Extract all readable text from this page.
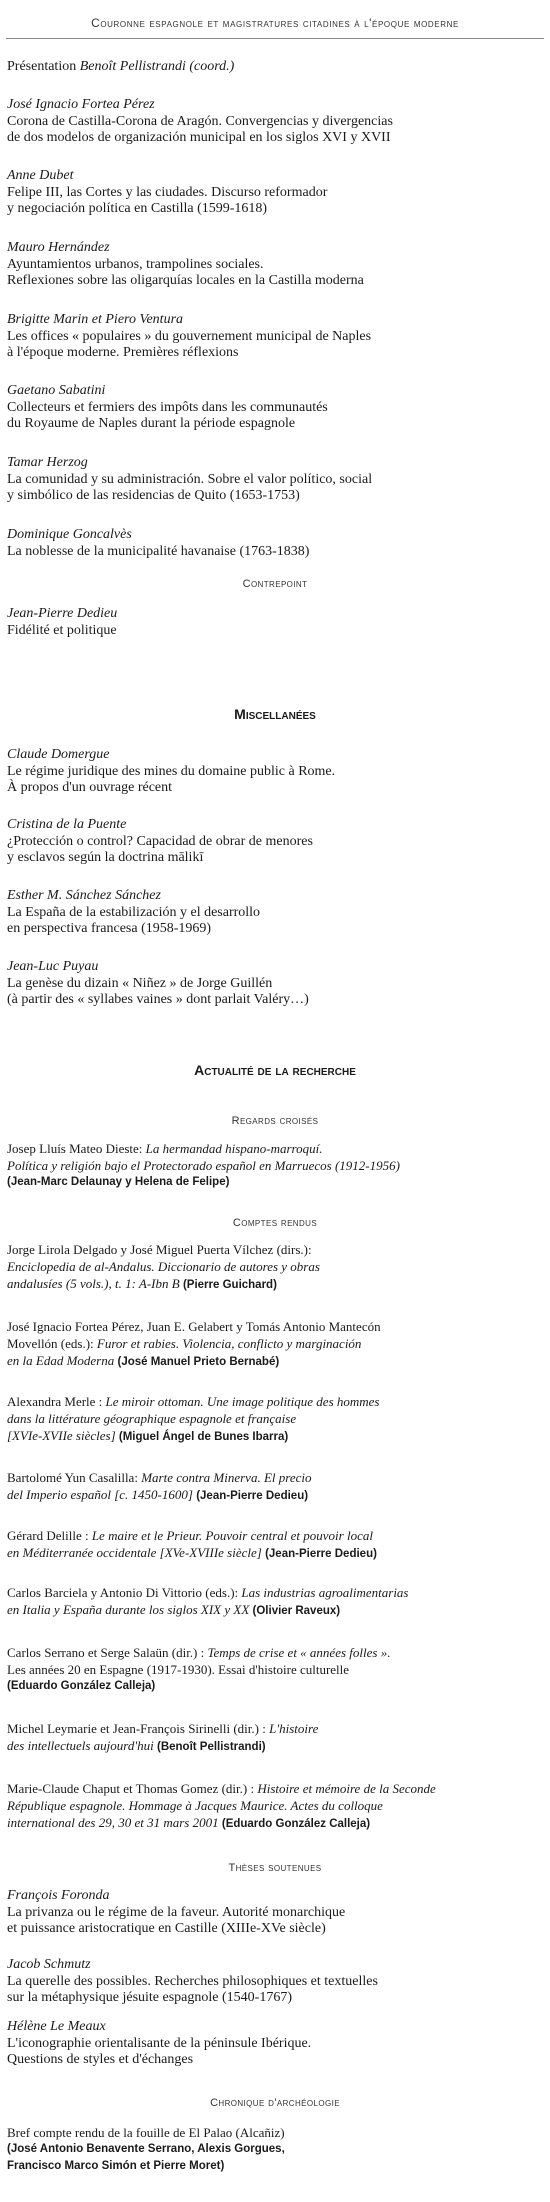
Couronne espagnole et magistratures citadines à l'époque moderne
Présentation Benoît Pellistrandi (coord.)
José Ignacio Fortea Pérez
Corona de Castilla-Corona de Aragón. Convergencias y divergencias
de dos modelos de organización municipal en los siglos XVI y XVII
Anne Dubet
Felipe III, las Cortes y las ciudades. Discurso reformador
y negociación política en Castilla (1599-1618)
Mauro Hernández
Ayuntamientos urbanos, trampolines sociales.
Reflexiones sobre las oligarquías locales en la Castilla moderna
Brigitte Marin et Piero Ventura
Les offices « populaires » du gouvernement municipal de Naples
à l'époque moderne. Premières réflexions
Gaetano Sabatini
Collecteurs et fermiers des impôts dans les communautés
du Royaume de Naples durant la période espagnole
Tamar Herzog
La comunidad y su administración. Sobre el valor político, social
y simbólico de las residencias de Quito (1653-1753)
Dominique Goncalvès
La noblesse de la municipalité havanaise (1763-1838)
Contrepoint
Jean-Pierre Dedieu
Fidélité et politique
Miscellanées
Claude Domergue
Le régime juridique des mines du domaine public à Rome.
À propos d'un ouvrage récent
Cristina de la Puente
¿Protección o control? Capacidad de obrar de menores
y esclavos según la doctrina mālikī
Esther M. Sánchez Sánchez
La España de la estabilización y el desarrollo
en perspectiva francesa (1958-1969)
Jean-Luc Puyau
La genèse du dizain « Niñez » de Jorge Guillén
(à partir des « syllabes vaines » dont parlait Valéry…)
Actualité de la recherche
Regards croisés
Josep Lluís Mateo Dieste: La hermandad hispano-marroquí.
Política y religión bajo el Protectorado español en Marruecos (1912-1956)
(Jean-Marc Delaunay y Helena de Felipe)
Comptes rendus
Jorge Lirola Delgado y José Miguel Puerta Vílchez (dirs.):
Enciclopedia de al-Andalus. Diccionario de autores y obras
andalusíes (5 vols.), t. 1: A-Ibn B (Pierre Guichard)
José Ignacio Fortea Pérez, Juan E. Gelabert y Tomás Antonio Mantecón
Movellón (eds.): Furor et rabies. Violencia, conflicto y marginación
en la Edad Moderna (José Manuel Prieto Bernabé)
Alexandra Merle : Le miroir ottoman. Une image politique des hommes
dans la littérature géographique espagnole et française
[XVIe-XVIIe siècles] (Miguel Ángel de Bunes Ibarra)
Bartolomé Yun Casalilla: Marte contra Minerva. El precio
del Imperio español [c. 1450-1600] (Jean-Pierre Dedieu)
Gérard Delille : Le maire et le Prieur. Pouvoir central et pouvoir local
en Méditerranée occidentale [XVe-XVIIIe siècle] (Jean-Pierre Dedieu)
Carlos Barciela y Antonio Di Vittorio (eds.): Las industrias agroalimentarias
en Italia y España durante los siglos XIX y XX (Olivier Raveux)
Carlos Serrano et Serge Salaün (dir.) : Temps de crise et « années folles ».
Les années 20 en Espagne (1917-1930). Essai d'histoire culturelle
(Eduardo González Calleja)
Michel Leymarie et Jean-François Sirinelli (dir.) : L'histoire
des intellectuels aujourd'hui (Benoît Pellistrandi)
Marie-Claude Chaput et Thomas Gomez (dir.) : Histoire et mémoire de la Seconde
République espagnole. Hommage à Jacques Maurice. Actes du colloque
international des 29, 30 et 31 mars 2001 (Eduardo González Calleja)
Thèses soutenues
François Foronda
La privanza ou le régime de la faveur. Autorité monarchique
et puissance aristocratique en Castille (XIIIe-XVe siècle)
Jacob Schmutz
La querelle des possibles. Recherches philosophiques et textuelles
sur la métaphysique jésuite espagnole (1540-1767)
Hélène Le Meaux
L'iconographie orientalisante de la péninsule Ibérique.
Questions de styles et d'échanges
Chronique d'archéologie
Bref compte rendu de la fouille de El Palao (Alcañiz)
(José Antonio Benavente Serrano, Alexis Gorgues,
Francisco Marco Simón et Pierre Moret)
